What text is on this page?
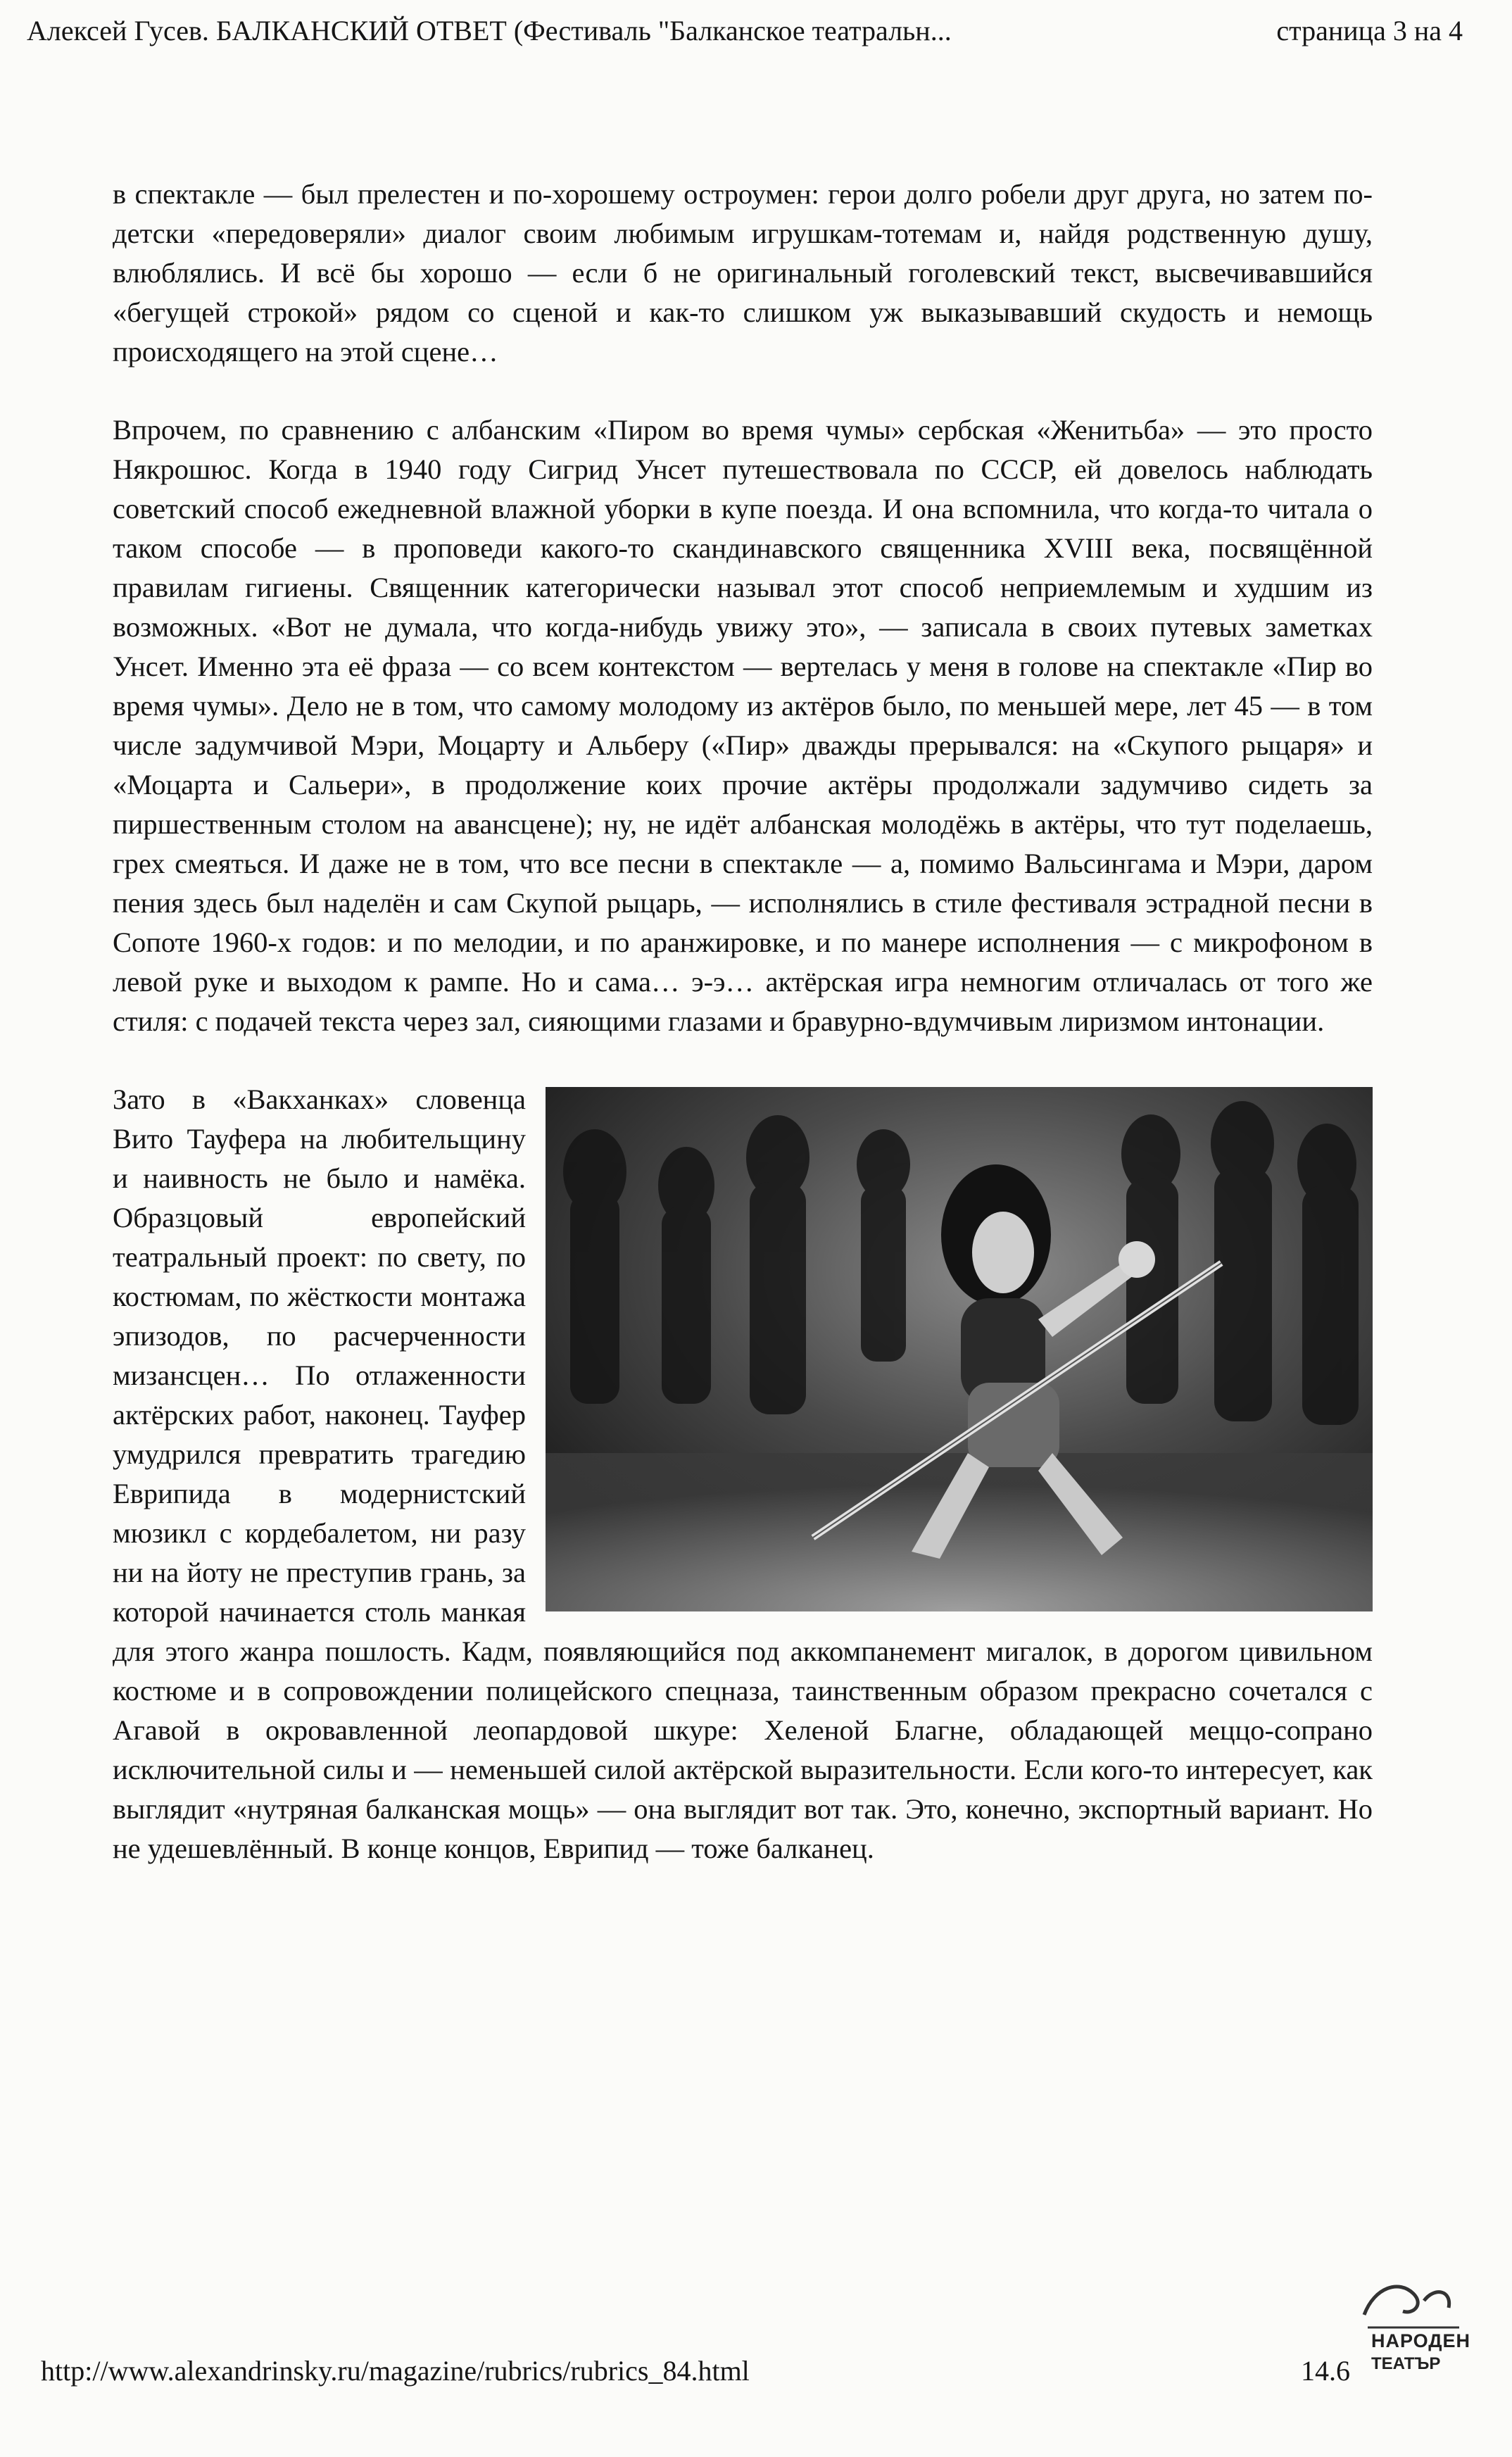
Алексей Гусев. БАЛКАНСКИЙ ОТВЕТ (Фестиваль "Балканское театральн...	страница 3 на 4

в спектакле — был прелестен и по-хорошему остроумен: герои долго робели друг друга, но затем по-детски «передоверяли» диалог своим любимым игрушкам-тотемам и, найдя родственную душу, влюблялись. И всё бы хорошо — если б не оригинальный гоголевский текст, высвечивавшийся «бегущей строкой» рядом со сценой и как-то слишком уж выказывавший скудость и немощь происходящего на этой сцене…

Впрочем, по сравнению с албанским «Пиром во время чумы» сербская «Женитьба» — это просто Някрошюс. Когда в 1940 году Сигрид Унсет путешествовала по СССР, ей довелось наблюдать советский способ ежедневной влажной уборки в купе поезда. И она вспомнила, что когда-то читала о таком способе — в проповеди какого-то скандинавского священника XVIII века, посвящённой правилам гигиены. Священник категорически называл этот способ неприемлемым и худшим из возможных. «Вот не думала, что когда-нибудь увижу это», — записала в своих путевых заметках Унсет. Именно эта её фраза — со всем контекстом — вертелась у меня в голове на спектакле «Пир во время чумы». Дело не в том, что самому молодому из актёров было, по меньшей мере, лет 45 — в том числе задумчивой Мэри, Моцарту и Альберу («Пир» дважды прерывался: на «Скупого рыцаря» и «Моцарта и Сальери», в продолжение коих прочие актёры продолжали задумчиво сидеть за пиршественным столом на авансцене); ну, не идёт албанская молодёжь в актёры, что тут поделаешь, грех смеяться. И даже не в том, что все песни в спектакле — а, помимо Вальсингама и Мэри, даром пения здесь был наделён и сам Скупой рыцарь, — исполнялись в стиле фестиваля эстрадной песни в Сопоте 1960-х годов: и по мелодии, и по аранжировке, и по манере исполнения — с микрофоном в левой руке и выходом к рампе. Но и сама… э-э… актёрская игра немногим отличалась от того же стиля: с подачей текста через зал, сияющими глазами и бравурно-вдумчивым лиризмом интонации.

Зато в «Вакханках» словенца Вито Тауфера на любительщину и наивность не было и намёка. Образцовый европейский театральный проект: по свету, по костюмам, по жёсткости монтажа эпизодов, по расчерченности мизансцен… По отлаженности актёрских работ, наконец. Тауфер умудрился превратить трагедию Еврипида в модернистский мюзикл с кордебалетом, ни разу ни на йоту не преступив грань, за которой начинается столь манкая для этого жанра пошлость. Кадм, появляющийся под аккомпанемент мигалок, в дорогом цивильном костюме и в сопровождении полицейского спецназа, таинственным образом прекрасно сочетался с Агавой в окровавленной леопардовой шкуре: Хеленой Благне, обладающей меццо-сопрано исключительной силы и — неменьшей силой актёрской выразительности. Если кого-то интересует, как выглядит «нутряная балканская мощь» — она выглядит вот так. Это, конечно, экспортный вариант. Но не удешевлённый. В конце концов, Еврипид — тоже балканец.

http://www.alexandrinsky.ru/magazine/rubrics/rubrics_84.html	14.6
НАРОДЕН
ТЕАТЪР
